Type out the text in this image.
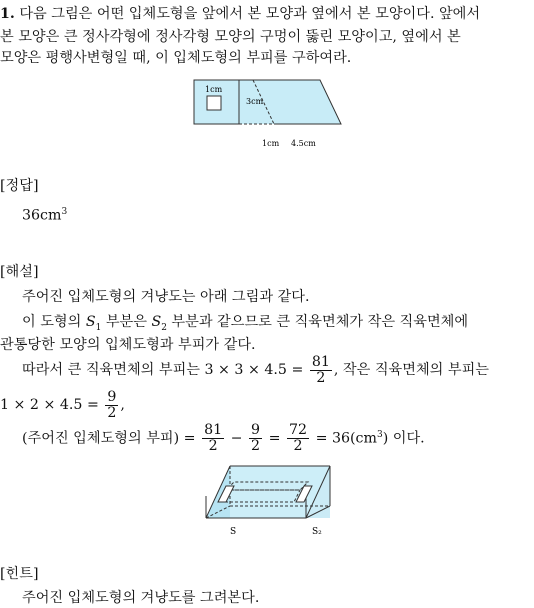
1. 다음 그림은 어떤 입체도형을 앞에서 본 모양과 옆에서 본 모양이다. 앞에서
본 모양은 큰 정사각형에 정사각형 모양의 구멍이 뚫린 모양이고, 옆에서 본
모양은 평행사변형일 때, 이 입체도형의 부피를 구하여라.
1cm
3cm
1cm 4.5cm
[정답]
$36cm^3$
[해설]
주어진 입체도형의 겨냥도는 아래 그림과 같다.
이 도형의 $S_1$ 부분은 $S_2$ 부분과 같으므로 큰 직육면체가 작은 직육면체에
관통당한 모양의 입체도형과 부피가 같다.
따라서 큰 직육면체의 부피는 $3 \times 3 \times 4.5 = \frac{81}{2}$ , 작은 직육면체의 부피는
$1 \times 2 \times 4.5 = \frac{9}{2}$ ,
(주어진 입체도형의 부피) = $\frac{81}{2} - \frac{9}{2} = \frac{72}{2} = 36(cm^3)$ 이다.
S	S₂
[힌트]
주어진 입체도형의 겨냥도를 그려본다.
